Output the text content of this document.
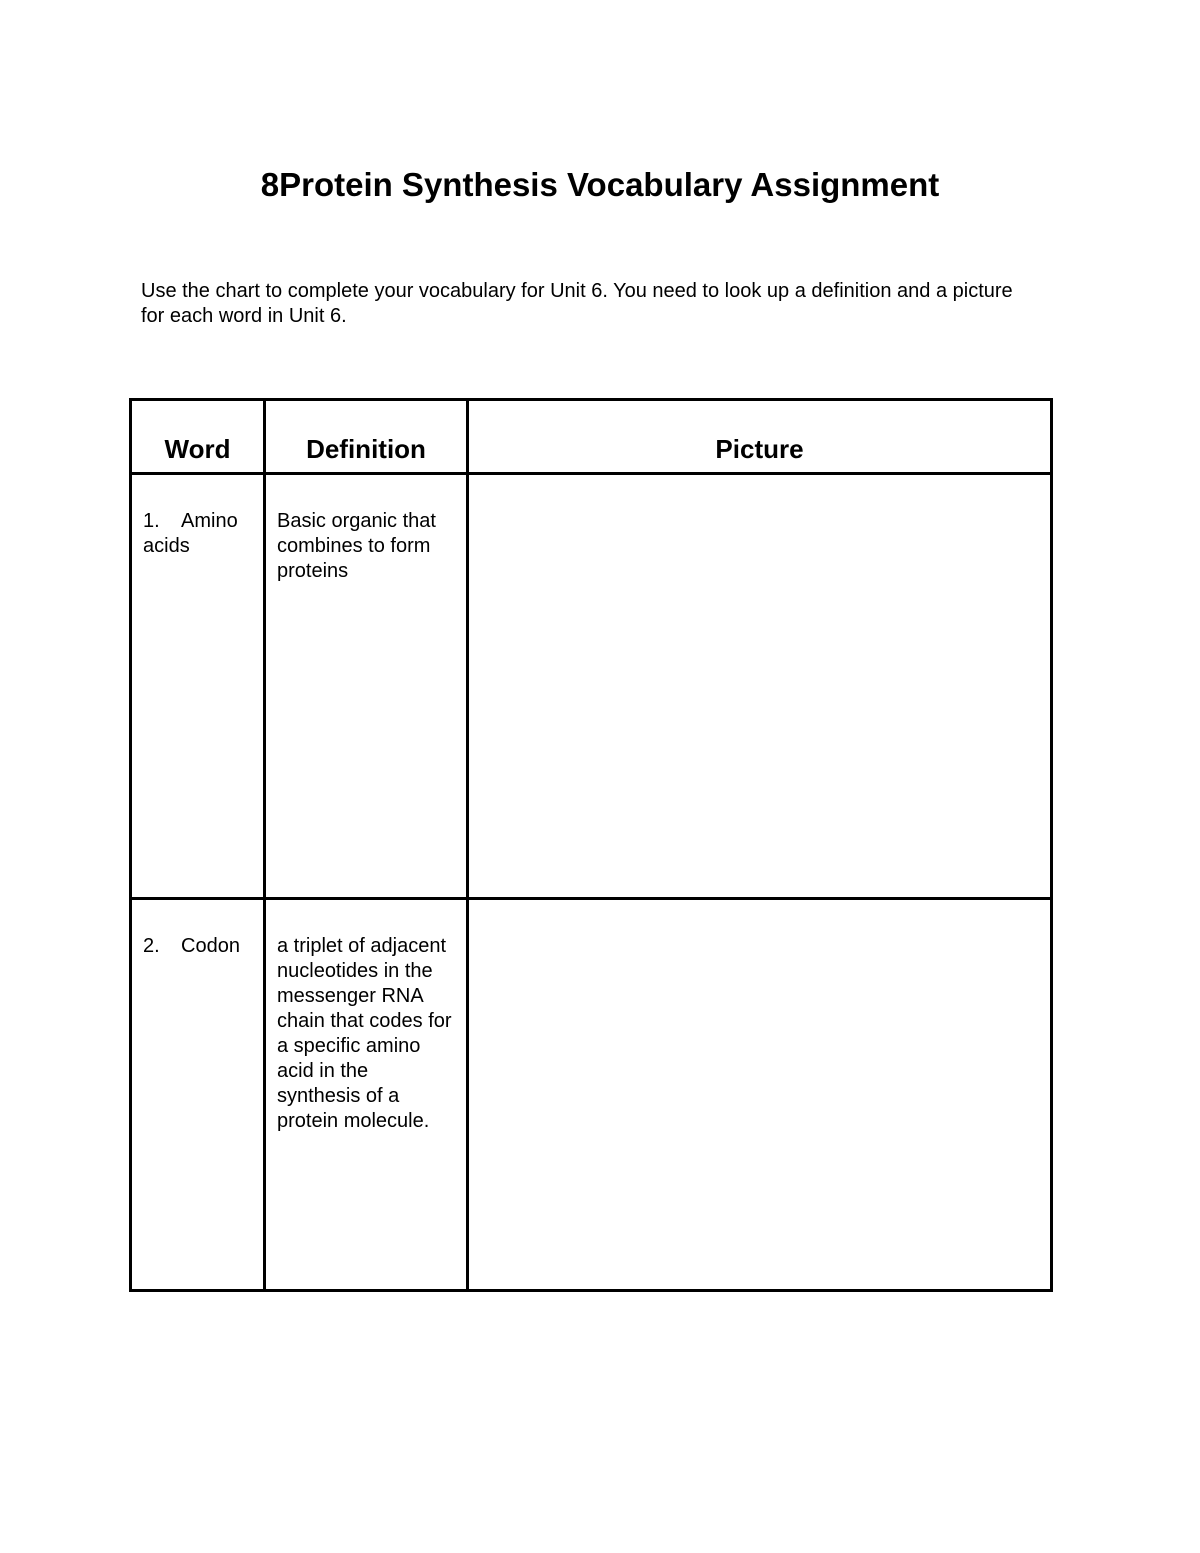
8Protein Synthesis Vocabulary Assignment

Use the chart to complete your vocabulary for Unit 6. You need to look up a definition and a picture for each word in Unit 6.

Word	Definition	Picture

1. Amino acids	Basic organic that combines to form proteins	

2. Codon	a triplet of adjacent nucleotides in the messenger RNA chain that codes for a specific amino acid in the synthesis of a protein molecule.	
